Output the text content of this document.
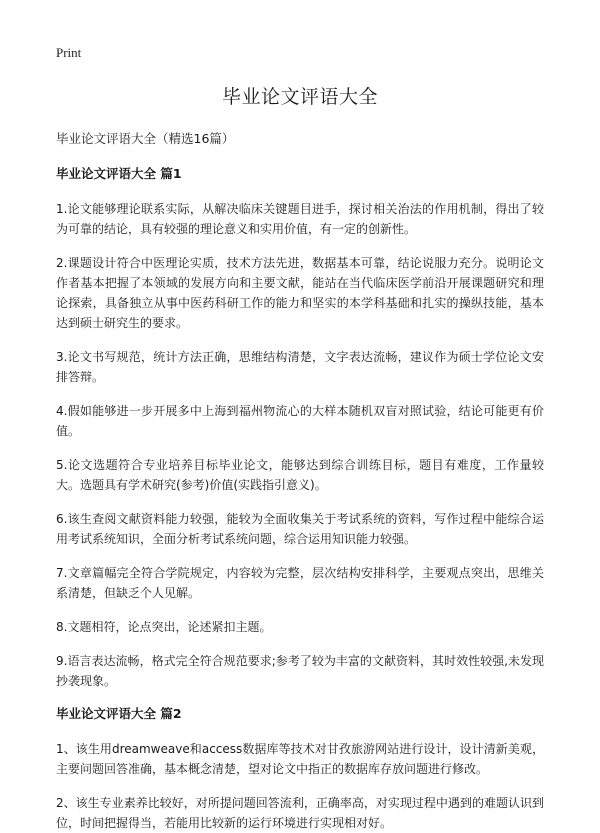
Print
毕业论文评语大全
毕业论文评语大全（精选16篇）
毕业论文评语大全 篇1

1.论文能够理论联系实际，从解决临床关键题目进手，探讨相关治法的作用机制，得出了较为可靠的结论，具有较强的理论意义和实用价值，有一定的创新性。

2.课题设计符合中医理论实质，技术方法先进，数据基本可靠，结论说服力充分。说明论文作者基本把握了本领域的发展方向和主要文献，能站在当代临床医学前沿开展课题研究和理论探索，具备独立从事中医药科研工作的能力和坚实的本学科基础和扎实的操纵技能，基本达到硕士研究生的要求。

3.论文书写规范，统计方法正确，思维结构清楚，文字表达流畅，建议作为硕士学位论文安排答辩。

4.假如能够进一步开展多中上海到福州物流心的大样本随机双盲对照试验，结论可能更有价值。

5.论文选题符合专业培养目标毕业论文，能够达到综合训练目标，题目有难度，工作量较大。选题具有学术研究(参考)价值(实践指引意义)。

6.该生查阅文献资料能力较强，能较为全面收集关于考试系统的资料，写作过程中能综合运用考试系统知识，全面分析考试系统问题，综合运用知识能力较强。

7.文章篇幅完全符合学院规定，内容较为完整，层次结构安排科学，主要观点突出，思维关系清楚，但缺乏个人见解。

8.文题相符，论点突出，论述紧扣主题。

9.语言表达流畅，格式完全符合规范要求;参考了较为丰富的文献资料，其时效性较强,未发现抄袭现象。

毕业论文评语大全 篇2

1、该生用dreamweave和access数据库等技术对甘孜旅游网站进行设计，设计清新美观，主要问题回答准确，基本概念清楚，望对论文中指正的数据库存放问题进行修改。

2、该生专业素养比较好，对所提问题回答流利，正确率高，对实现过程中遇到的难题认识到位，时间把握得当，若能用比较新的运行环境进行实现相对好。
